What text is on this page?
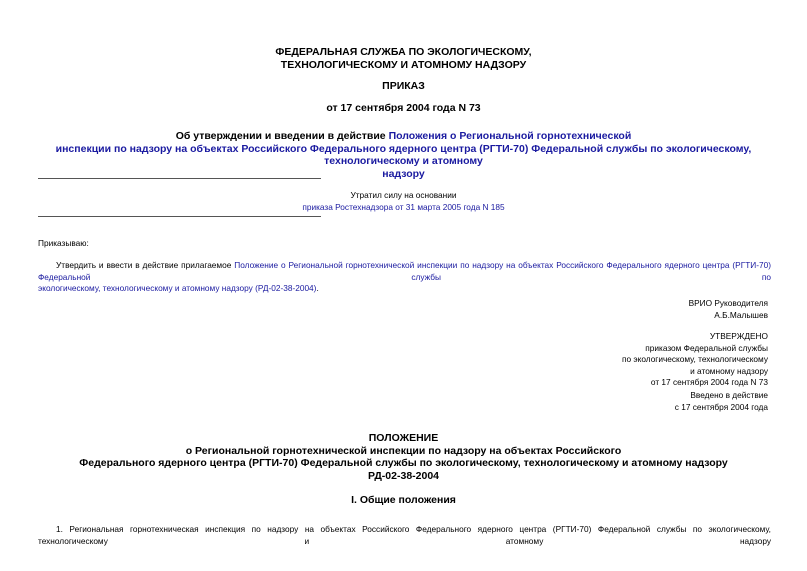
ФЕДЕРАЛЬНАЯ СЛУЖБА ПО ЭКОЛОГИЧЕСКОМУ,
ТЕХНОЛОГИЧЕСКОМУ И АТОМНОМУ НАДЗОРУ
ПРИКАЗ
от 17 сентября 2004 года N 73
Об утверждении и введении в действие Положения о Региональной горнотехнической
инспекции по надзору на объектах Российского Федерального ядерного центра (РГТИ-70) Федеральной службы по экологическому, технологическому и атомному
надзору
Утратил силу на основании
приказа Ростехнадзора от 31 марта 2005 года N 185
Приказываю:
Утвердить и ввести в действие прилагаемое Положение о Региональной горнотехнической инспекции по надзору на объектах Российского Федерального ядерного центра (РГТИ-70) Федеральной службы по
экологическому, технологическому и атомному надзору (РД-02-38-2004).
ВРИО Руководителя
А.Б.Малышев
УТВЕРЖДЕНО
приказом Федеральной службы
по экологическому, технологическому
и атомному надзору
от 17 сентября 2004 года N 73
Введено в действие
с 17 сентября 2004 года
ПОЛОЖЕНИЕ
о Региональной горнотехнической инспекции по надзору на объектах Российского
Федерального ядерного центра (РГТИ-70) Федеральной службы по экологическому, технологическому и атомному надзору
РД-02-38-2004
I. Общие положения
1. Региональная горнотехническая инспекция по надзору на объектах Российского Федерального ядерного центра (РГТИ-70) Федеральной службы по экологическому, технологическому и атомному надзору
